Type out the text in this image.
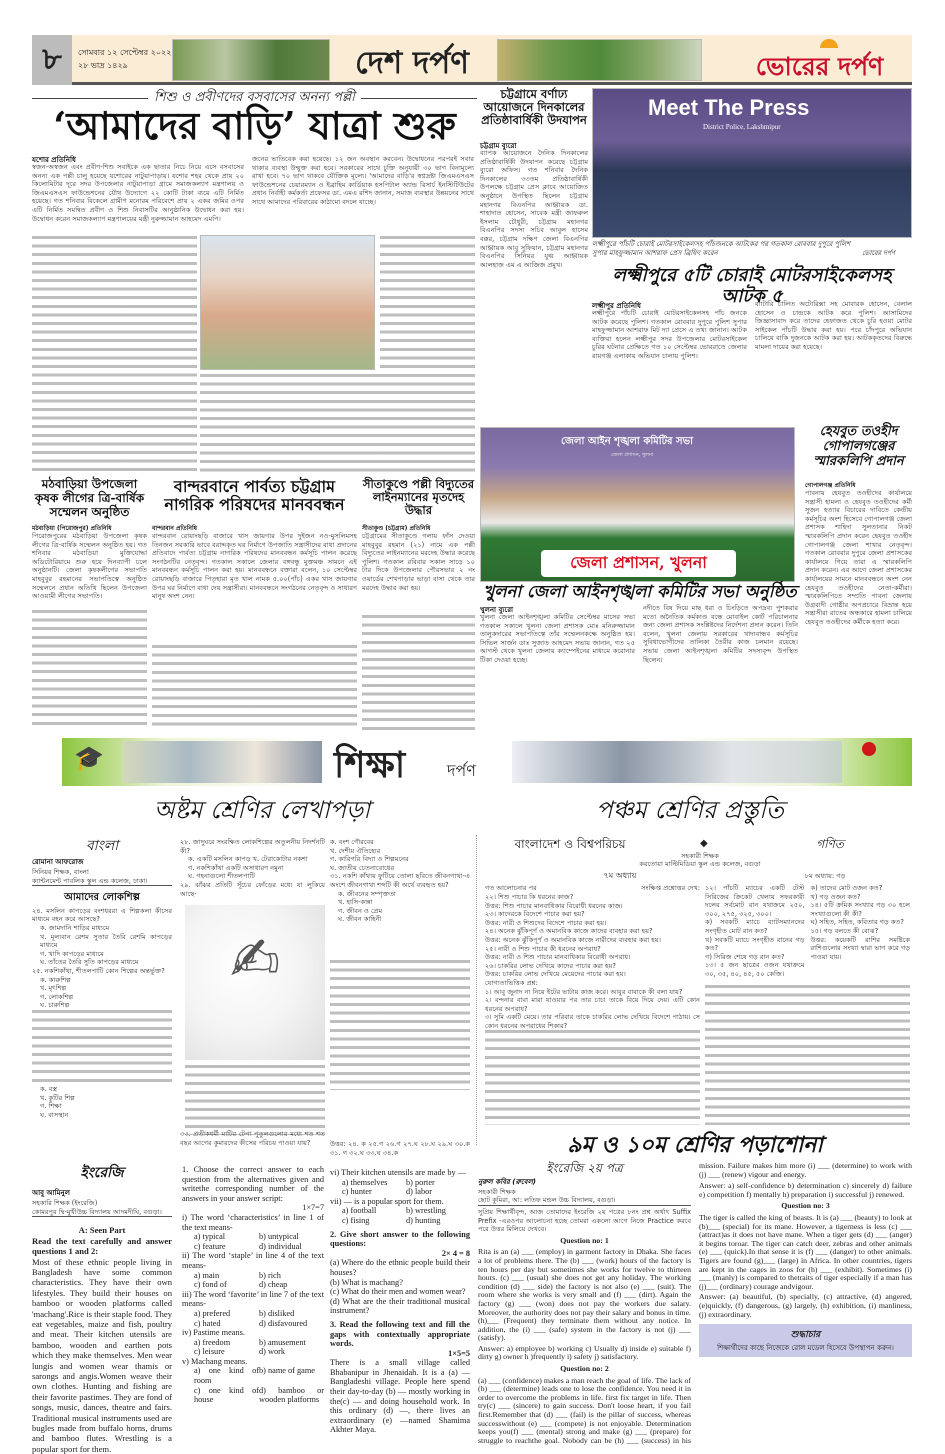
৮	সোমবার ১২ সেপ্টেম্বর ২০২২
২৮ ভাদ্র ১৪২৯	দেশ দর্পণ	ভোরের দর্পণ
শিশু ও প্রবীণদের বসবাসের অনন্য পল্লী
‘আমাদের বাড়ি’ যাত্রা শুরু
যশোর প্রতিনিধি
স্বজন-অস্বজন এবং প্রবীণ-শিশু সবাইকে এক ছাতার নিচে নিয়ে এসে বসবাসের অনন্য এক পল্লী চালু হয়েছে যশোরের নাটুয়াপাড়ায়। যশোর শহর থেকে প্রায় ২০ কিলোমিটার দূরে সদর উপজেলার নাটুয়াপাড়া গ্রামে সমাজকল্যাণ মন্ত্রণালয় ও জিএমএসএস ফাউন্ডেশনের যৌথ উদ্যোগে ২২ কোটি টাকা ব্যয়ে এটি নির্মিত হয়েছে। গত শনিবার বিকেলে গ্রামীণ মনোরম পরিবেশে প্রায় ২ একর জমির ওপর এটি নির্মিত সমন্বিত প্রবীণ ও শিশু নিবাসটির আনুষ্ঠানিক উদ্বোধন করা হয়। উদ্বোধন করেন সমাজকল্যাণ মন্ত্রণালয়ের মন্ত্রী নুরুজ্জামান আহমেদ এমপি।
জনের ভাতিবেক করা হয়েছে। ১২ জন অবস্থান করবেন। উদ্বোধনের পরপরই সবার থাকার ব্যবস্থা উন্মুক্ত করা হবে। সরকারের সাথে চুক্তি অনুযায়ী ৩০ ভাগ বিনামূল্যে রাখা হবে। ৭০ ভাগ থাকবে যৌক্তিক মূল্যে। 'আমাদের বাড়ি'র স্বপ্নদ্রষ্টা জিএমএসএস ফাউন্ডেশনের চেয়ারম্যান ও ইব্রাহিম কার্ডিয়াক হসপিটাল অ্যান্ড রিসার্চ ইনস্টিটিউটের প্রধান নির্বাহী কর্মকর্তা প্রফেসর ডা. এমএ রশিদ জানান, সমাজ ব্যবস্থার উন্নয়নের সাথে সাথে আমাদের পরিবারের কাঠামো বদলে যাচ্ছে।
চট্টগ্রামে বর্ণাঢ্য আয়োজনে দিনকালের প্রতিষ্ঠাবার্ষিকী উদযাপন
চট্টগ্রাম ব্যুরো
ব্যাপক আয়োজনে দৈনিক দিনকালের প্রতিষ্ঠাবার্ষিকী উদযাপন করেছে চট্টগ্রাম ব্যুরো অফিস। গত শনিবার দৈনিক দিনকালের ৩৩তম প্রতিষ্ঠাবার্ষিকী উপলক্ষে চট্টগ্রাম প্রেস ক্লাবে আয়োজিত অনুষ্ঠানে উপস্থিত ছিলেন চট্টগ্রাম মহানগর বিএনপির আহ্বায়ক ডা. শাহাদাত হোসেন, সাবেক মন্ত্রী জাফরুল ইসলাম চৌধুরী, চট্টগ্রাম মহানগর বিএনপির সদস্য সচিব আবুল হাসেম বক্কর, চট্টগ্রাম দক্ষিণ জেলা বিএনপির আহ্বায়ক আবু সুফিয়ান, চট্টগ্রাম মহানগর বিএনপির সিনিয়র যুগ্ম আহ্বায়ক আলহাজ এম এ আজিজ প্রমুখ।
Meet The Press
District Police, Lakshmipur
লক্ষ্মীপুরে পাঁচটি চোরাই মোটরসাইকেলসহ পাঁচজনকে আটকের পর গতকাল রোববার দুপুরে পুলিশ সুপার মাহফুজ্জামান আশরাফ প্রেস ব্রিফিং করেন	ভোরের দর্পণ
লক্ষ্মীপুরে ৫টি চোরাই মোটরসাইকেলসহ আটক ৫
লক্ষ্মীপুর প্রতিনিধি
লক্ষ্মীপুরে পাঁচটি চোরাই মোটরসাইকেলসহ পাঁচ জনকে আটক করেছে পুলিশ। গতকাল রোববার দুপুরে পুলিশ সুপার মাহফুজ্জামান আশরাফ মিট দ্যা প্রেসে এ তথ্য জানান। আটক ব্যক্তিরা হলেন লক্ষ্মীপুর সদর উপজেলার মোটরসাইকেল চুরির ঘটনার প্রেক্ষিতে গত ১০ সেপ্টেম্বর ভোররাতে জেলার রায়গঞ্জ এলাকায় অভিযান চালায় পুলিশ।
ব্যাটারি চালিত অটোরিক্সা সহ মোবারক হোসেন, বেলাল হোসেন ও চান্দ্রকে আটক করে পুলিশ। আসামিদের জিজ্ঞাসাবাদ করে তাদের হেফাজত থেকে চুরি হওয়া মোটর সাইকেল পাঁচটি উদ্ধার করা হয়। পরে চাঁদপুরে অভিযান চালিয়ে বাকি দুজনকে আটক করা হয়। আটককৃতদের বিরুদ্ধে মামলা দায়ের করা হয়েছে।
মঠবাড়িয়া উপজেলা কৃষক লীগের ত্রি-বার্ষিক সম্মেলন অনুষ্ঠিত
মঠবাড়িয়া (পিরোজপুর) প্রতিনিধি
পিরোজপুরের মঠবাড়িয়া উপজেলা কৃষক লীগের ত্রি-বার্ষিক সম্মেলন অনুষ্ঠিত হয়। গত শনিবার মঠবাড়িয়া মুক্তিযোদ্ধা অডিটোরিয়ামে শুরু হয়ে দিনব্যাপী চলে অনুষ্ঠানটি। জেলা কৃষকলীগের সভাপতি মাহবুবুর রহমানের সভাপতিত্বে অনুষ্ঠিত সম্মেলনে প্রধান অতিথি ছিলেন উপজেলা আওয়ামী লীগের সভাপতি।
বান্দরবানে পার্বত্য চট্টগ্রাম নাগরিক পরিষদের মানববন্ধন
বান্দরবান প্রতিনিধি
বান্দরবান রোয়াংছড়ি বাজারে খাস জায়গার উপর দুইজন নও-মুসলিমসহ তিনজন সরকারি ভাবে বরাদ্দকৃত ঘর নির্মাণে উপজাতি সন্ত্রাসীদের বাধা প্রদানের প্রতিবাদে পার্বত্য চট্টগ্রাম নাগরিক পরিষদের মানববন্ধন কর্মসূচি পালন করেছে সংগঠনটির নেতৃবৃন্দ। গতকাল সকালে জেলার বঙ্গবন্ধু মুক্তমঞ্চ সামনে এই মানববন্ধন কর্মসূচি পালন করা হয়। মানববন্ধনে বক্তারা বলেন, ১০ সেপ্টেম্বর রোয়াংছড়ি বাজারে পিতৃহারা মৃত খাল নামক ৫.০০(পাঁচ) একর খাস জায়গার উপর ঘর নির্মাণে বাধা দেয় সন্ত্রাসীরা। মানববন্ধনে সংগঠনের নেতৃবৃন্দ ও সাধারণ মানুষ অংশ নেন।
সীতাকুণ্ডে পল্লী বিদ্যুতের লাইনম্যানের মৃতদেহ উদ্ধার
সীতাকুণ্ড (চট্টগ্রাম) প্রতিনিধি
চট্টগ্রামের সীতাকুণ্ডে গলায় ফাঁস দেওয়া মাহবুবুর রহমান (২১) নামে এক পল্লী বিদ্যুতের লাইনম্যানের মরদেহ উদ্ধার করেছে পুলিশ। গতকাল রবিবার সকাল সাড়ে ১০ টার দিকে উপজেলার পৌরসভার ২ নং ওয়ার্ডের শেখপাড়ার ভাড়া বাসা থেকে তার মরদেহ উদ্ধার করা হয়।
জেলা আইন শৃঙ্খলা কমিটির সভা
জেলা প্রশাসন, খুলনা
জেলা প্রশাসন, খুলনা
খুলনা জেলা আইনশৃঙ্খলা কমিটির সভা অনুষ্ঠিত
খুলনা ব্যুরো
খুলনা জেলা আইনশৃঙ্খলা কমিটির সেপ্টেম্বর মাসের সভা গতকাল সকালে খুলনা জেলা প্রশাসক মোঃ মনিরুজ্জামান তালুকদারের সভাপতিত্বে তাঁর সম্মেলনকক্ষে অনুষ্ঠিত হয়। সিভিল সার্জন ডাঃ সুজাত আহমেদ সভায় জানান, গত ২৫ আগস্ট থেকে খুলনা জেলায় ক্যাম্পেইনের মাধ্যমে করোনার টিকা দেওয়া হচ্ছে।
নদীতে বিষ দিয়ে মাছ ধরা ও চিংড়িতে অপদ্রব্য পুশকরার মতো অনৈতিক কর্মকাণ্ড বন্ধে মোবাইল কোর্ট পরিচালনার জন্য জেলা প্রশাসক সংশ্লিষ্টদের নির্দেশনা প্রদান করেন। তিনি বলেন, খুলনা জেলায় সরকারের খাদ্যবান্ধব কর্মসূচির সুবিধাভোগীদের তালিকা তৈরীর কাজ চলমান রয়েছে। সভায় জেলা আইনশৃঙ্খলা কমিটির সদস্যবৃন্দ উপস্থিত ছিলেন।
হেযবুত তওহীদ গোপালগঞ্জের স্মারকলিপি প্রদান
গোপালগঞ্জ প্রতিনিধি
পাবনায় হেযবুত তওহীদের কার্যালয়ে সন্ত্রাসী হামলা ও হেযবুত তওহীদের কর্মী সুজন হত্যার বিচারের দাবিতে কেন্দ্রীয় কর্মসূচির অংশ হিসেবে গোপালগঞ্জ জেলা প্রশাসক শাহিদা সুলতানার নিকট স্মারকলিপি প্রদান করেন হেযবুত তওহীদ গোপালগঞ্জ জেলা শাখার নেতৃবৃন্দ। গতকাল রোববার দুপুরে জেলা প্রশাসকের কার্যালয়ে গিয়ে তারা এ স্মারকলিপি প্রদান করেন। এর আগে জেলা প্রশাসকের কার্যালয়ের সামনে মানববন্ধনে অংশ নেন হেযবুত তওহীদের নেতা-কর্মীরা। স্মারকলিপিতে সম্প্রতি পাবনা জেলায় উগ্রবাদী গোষ্ঠীর অপপ্রচারে বিভ্রান্ত হয়ে সন্ত্রাসীরা রাতের অন্ধকারে হামলা চালিয়ে হেযবুত তওহীদের কর্মীকে হত্যা করে।
🎓	শিক্ষা	দর্পণ
অষ্টম শ্রেণির লেখাপড়া	পঞ্চম শ্রেণির প্রস্তুতি
বাংলা
রোমানা আফরোজ
সিনিয়র শিক্ষক, বাংলা
ক্যান্টনমেন্ট পাবলিক স্কুল এন্ড কলেজ, ঢাকা।
আমাদের লোকশিল্প
২৪. মসলিন কাপড়ের বংশধররা এ শিল্পকলা কীসের মাধ্যমে বহন করে আসছে?
ক. জামদানি শাড়ির মাধ্যমে
খ. মূল্যবান রেশম সুতার তৈরি রেশমি কাপড়ের মাধ্যমে
গ. খাদি কাপড়ের মাধ্যমে
ঘ. তাঁতের তৈরি সুতি কাপড়ের মাধ্যমে
২৫. নকশিকাঁথা, শীতলপাটি কোন শিল্পের অন্তর্ভুক্ত?
ক. কারুশিল্প
খ. মৃৎশিল্প
গ. লোকশিল্প
ঘ. চারুশিল্প
ক. বস্ত্র
খ. কুটির শিল্প
গ. শিক্ষা
ঘ. বাসস্থান
২৮. জাদুঘরে সংরক্ষিত লোকশিল্পের অতুলনীয় নিদর্শনটি কী?
ক. একটি মসলিন কাপড় খ. টেরাকোটার নকশা
গ. নকশিকাঁথা একটি অসাধারণ নমুনা
ঘ. গহনাগুলো শীতলপাটি
২৯. ঝাঁঝর প্রতিটি সূঁচের ফোঁড়ের মধ্যে যা লুকিয়ে আছে-
ক. বংশ গৌরবের
খ. দেশীয় ঐতিহ্যের
গ. কারিগরি বিদ্যা ও শিল্পমনের
ঘ. জাতীয় চেতনাবোধের
৩১. নকশি কাঁথায় ফুটিয়ে তোলা ছবিতে জীবনগাথা-এ অংশে জীবনগাথা শব্দটি কী অর্থে ব্যবহৃত হয়?
ক. জীবনের সম্পৃক্ততা
খ. হাসি-কান্না
গ. জীবন ও প্রেম
ঘ. জীবন কাহিনী
✍
৩৩. প্রতীকধর্মী মাটির টেপা পুতুলগুলোর মধ্যে শত শত বছর আগের কুমারদের কীসের পরিচয় পাওয়া যায়?	উত্তর: ২৪. ক ২৫.গ ২৬.গ ২৭.ঘ ২৮.ঘ ২৯.ঘ ৩০.ক ৩১. গ ৩২.ঘ ৩৩.ঘ ৩৪.ক
ইংরেজি
আবু আমিনুল
সহকারি শিক্ষক (ইংরেজি)
কোমরপুর দ্বি-মুখীউচ্চ বিদ্যালয় আদমদীঘি, বগুড়া।
A: Seen Part
Read the text carefully and answer questions 1 and 2:
Most of these ethnic people living in Bangladesh have some common characteristics. They have their own lifestyles. They build their houses on bamboo or wooden platforms called 'machang'.Rice is their staple food. They eat vegetables, maize and fish, poultry and meat. Their kitchen utensils are bamboo, wooden and earthen pots which they make themselves. Men wear lungis and women wear thamis or sarongs and angis.Women weave their own clothes. Hunting and fishing are their favorite pastimes. They are fond of songs, music, dances, theatre and fairs. Traditional musical instruments used are bugles made from buffalo horns, drums and bamboo flutes. Wrestling is a popular sport for them.
1. Choose the correct answer to each question from the alternatives given and writethe corresponding number of the answers in your answer script:
1×7=7
i) The word ‘characteristics’ in line 1 of the text means-
a) typical	b) untypical
c) feature	d) individual
ii) The word ‘staple’ in line 4 of the text means-
a) main	b) rich
c) fond of	d) cheap
iii) The word ‘favorite’ in line 7 of the text means-
a) prefered	b) disliked
c) hated	d) disfavoured
iv) Pastime means.
a) freedom	b) amusement
c) leisure	d) work
v) Machang means.
a) one kind of room
b) name of game
c) one kind of house
d) bamboo or wooden platforms
vi) Their kitchen utensils are made by —
a) themselves	b) porter
c) hunter	d) labor
vii) — is a popular sport for them.
a) football	b) wrestling
c) fising	d) hunting
2. Give short answer to the following questions:
2× 4 = 8
(a) Where do the ethnic people build their houses?
(b) What is machang?
(c) What do their men and women wear?
(d) What are the their traditional musical instrument?
3. Read the following text and fill the gaps with contextually appropriate words.
1×5=5
There is a small village called Bhabanipur in Jhenaidah. It is a (a) — Bangladeshi village. People here spend their day-to-day (b) — mostly working in the(c) — and doing household work. In this ordinary (d) —, there lives an extraordinary (e) —named Shamima Akhter Maya.
বাংলাদেশ ও বিশ্বপরিচয়	◆	গণিত
সহকারী শিক্ষক
করতোয়া মাল্টিমিডিয়া স্কুল এন্ড কলেজ, বগুড়া
৭ম অধ্যায়	৮ম অধ্যায়: গড়
গত আলোচনার পর	সংক্ষিপ্ত প্রশ্নোত্তর দেখ:
২২। শিশু পাচার কি ধরনের কাজ?
উত্তর: শিশু পাচার মানবাধিকার বিরোধী ধরনের কাজ।
২৩। কাদেরকে বিদেশে পাচার করা হয়?
উত্তর: নারী ও শিশুদের বিদেশে পাচার করা হয়।
২৪। অনেক ঝুঁকিপূর্ণ ও অমানবিক কাজে কাদের ব্যবহার করা হয়?
উত্তর: অনেক ঝুঁকিপূর্ণ ও অমানবিক কাজে নারীদের ব্যবহার করা হয়।
২৫। নারী ও শিশু পাচার কী ধরনের অপরাধ?
উত্তর: নারী ও শিশু পাচার মানবাধিকার বিরোধী অপরাধ।
২৬। চাকরির লোভ দেখিয়ে কাদের পাচার করা হয়?
উত্তর: চাকরির লোভ দেখিয়ে মেয়েদের পাচার করা হয়।
যোগ্যতাভিত্তিক প্রশ্ন:
১। আবু জুনাদ না নিয়ে ইটের ভাটায় কাজ করে। আবুর বাবাকে কী বলা যায়?
২। বন্দনার বাবা মারা যাওয়ার পর তার চাচা তাকে বিয়ে দিয়ে দেয়। এটি কোন ধরনের অপরাধ?
৩। সুমি একটি মেয়ে। তার পরিবার তাকে চাকরির লোভ দেখিয়ে বিদেশে পাঠায়। সে কোন ধরনের অপরাধের শিকার?
১২। পাঁচটি ম্যাচের একটি টেস্ট সিরিজের ক্রিকেট খেলায় সফরকারী দলের সর্বমোট রান যথাক্রমে ২৫০, ৩০০, ২৭৫, ৩২৫, ৩০০।
ক) সবকটি ম্যাচে ব্যাটসম্যানদের সংগৃহীত মোট রান কত?
খ) সবকটি ম্যাচে সংগৃহীত রানের গড় কত?
গ) সিরিজ শেষে গড় রান কত?
১৩। ৫ জন ছাত্রের ওজন যথাক্রমে ৩০, ৩৫, ৪০, ৪৫, ৫০ কেজি।
ক) তাদের মোট ওজন কত?
খ) গড় ওজন কত?
১৪। ৫টি ক্রমিক সংখ্যার গড় ৩০ হলে সংখ্যাগুলো কী কী?
ঘ) সহিত, সহিত, কবিতার গড় কত?
১৫। গড় বলতে কী বোঝ?
উত্তর: কয়েকটি রাশির সমষ্টিকে রাশিগুলোর সংখ্যা দ্বারা ভাগ করে গড় পাওয়া যায়।
৯ম ও ১০ম শ্রেণির পড়াশোনা
ইংরেজি ২য় পত্র
নুরুল কবির (রুবেল)
সহকারী শিক্ষক
ছোট কুমিরা, আ: লতিফ মন্ডল উচ্চ বিদ্যালয়, বগুড়া।
সুপ্রিয় শিক্ষার্থীবৃন্দ, আজ তোমাদের ইংরেজি ২য় পত্রের ৮নং প্রশ্ন অর্থাৎ Suffix Prefix -এরওপর আলোচনা হচ্ছে তোমরা একলো আগে নিজে Practice করবে পরে উত্তর মিলিয়ে দেখবে।
Question no: 1
Rita is an (a) ___ (employ) in garment factory in Dhaka. She faces a lot of problems there. The (b) ___ (work) hours of the factory is ten hours per day but sometimes she works for twelve to thirteen hours. (c) ___ (usual) she does not get any holiday. The working condition (d) ___ side) the factory is not also (e) ___ (suit). The room where she works is very small and (f) ___ (dirt). Again the factory (g) ___ (won) does not pay the workers due salary. Moreover, the authority does not pay their salary and bonus in time. (h)___ (Frequent) they terminate them without any notice. In addition, the (i) ___ (safe) system in the factory is not (j) ___ (satisfy).
Answer: a) employee b) working c) Usually d) inside e) suitable f) dirty g) owner h )frequently i) safety j) satisfactory.
Question no: 2
(a) ___ (confidence) makes a man reach the goal of life. The lack of (b) ___ (determine) leads one to lose the confidence. You need it in order to overcome the problems in life. first fix target in life. Then try(c) ___ (sincere) to gain success. Don't loose heart, if you fail first.Remember that (d) ___ (fail) is the pillar of success, whereas successwithout (e) ___ (compete) is not enjoyable. Determination keeps you(f) ___ (mental) strong and make (g) ___ (prepare) for struggle to reachthe goal. Nobody can be (h) ___ (success) in his mission. Failure makes him more (i) ___ (determine) to work with (j) ___ (renew) vigour and energy.
Answer: a) self-confidence b) determination c) sincerely d) failure e) competition f) mentally h) preparation i) successful j) renewed.
Question no: 3
The tiger is called the king of beasts. It is (a) ___ (beauty) to look at (b)___ (special) for its mane. However, a tigerness is less (c) ___ (attract)as it does not have mane. When a tiger gets (d) ___ (anger) it begins toroar. The tiger can catch deer, zebras and other animals (e) ___ (quick).In that sense it is (f) ___ (danger) to other animals. Tigers are found (g)___ (large) in Africa. In other countries, tigers are kept in the cages in zoos for (h) ___ (exhibit). Sometimes (i) ___ (manly) is compared to thetraits of tiger especially if a man has (j)___ (ordinary) courage andvigour.
Answer: (a) beautiful, (b) specially, (c) attractive, (d) angered, (e)quickly, (f) dangerous, (g) largely, (h) exhibition, (i) manliness, (j) extraordinary.
শুদ্ধাচার
শিক্ষার্থীদের কাছে নিজেকে রোল মডেল হিসেবে উপস্থাপন করুন।
